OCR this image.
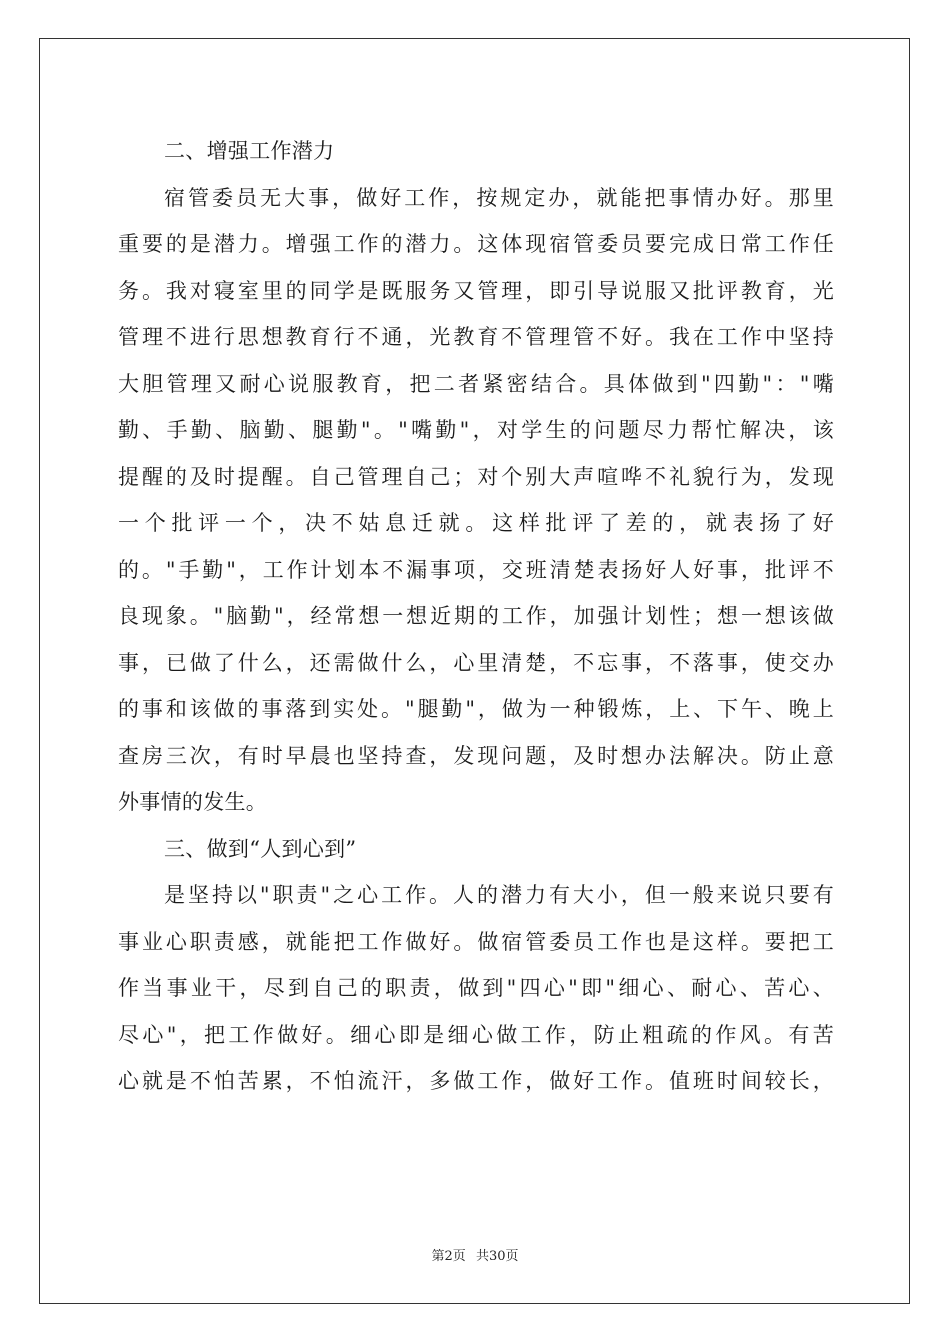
二、增强工作潜力
宿管委员无大事，做好工作，按规定办，就能把事情办好。那里
重要的是潜力。增强工作的潜力。这体现宿管委员要完成日常工作任
务。我对寝室里的同学是既服务又管理，即引导说服又批评教育，光
管理不进行思想教育行不通，光教育不管理管不好。我在工作中坚持
大胆管理又耐心说服教育，把二者紧密结合。具体做到"四勤"："嘴
勤、手勤、脑勤、腿勤"。"嘴勤"，对学生的问题尽力帮忙解决，该
提醒的及时提醒。自己管理自己；对个别大声喧哗不礼貌行为，发现
一个批评一个，决不姑息迁就。这样批评了差的，就表扬了好
的。"手勤"，工作计划本不漏事项，交班清楚表扬好人好事，批评不
良现象。"脑勤"，经常想一想近期的工作，加强计划性；想一想该做
事，已做了什么，还需做什么，心里清楚，不忘事，不落事，使交办
的事和该做的事落到实处。"腿勤"，做为一种锻炼，上、下午、晚上
查房三次，有时早晨也坚持查，发现问题，及时想办法解决。防止意
外事情的发生。
三、做到“人到心到”
是坚持以"职责"之心工作。人的潜力有大小，但一般来说只要有
事业心职责感，就能把工作做好。做宿管委员工作也是这样。要把工
作当事业干，尽到自己的职责，做到"四心"即"细心、耐心、苦心、
尽心"，把工作做好。细心即是细心做工作，防止粗疏的作风。有苦
心就是不怕苦累，不怕流汗，多做工作，做好工作。值班时间较长，
第2页 共30页
